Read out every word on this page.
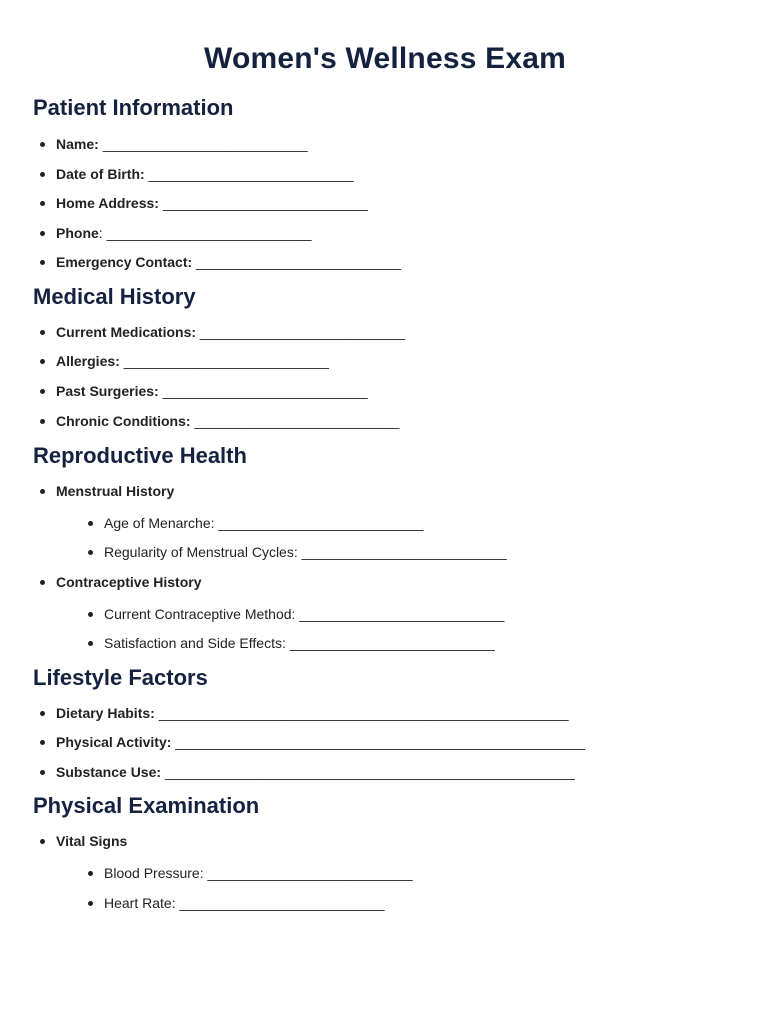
Women's Wellness Exam
Patient Information
Name: ___________________________
Date of Birth: ___________________________
Home Address: ___________________________
Phone: ___________________________
Emergency Contact: ___________________________
Medical History
Current Medications: ___________________________
Allergies: ___________________________
Past Surgeries: ___________________________
Chronic Conditions: ___________________________
Reproductive Health
Menstrual History
Age of Menarche: ___________________________
Regularity of Menstrual Cycles: ___________________________
Contraceptive History
Current Contraceptive Method: ___________________________
Satisfaction and Side Effects: ___________________________
Lifestyle Factors
Dietary Habits: ______________________________________________________
Physical Activity: ______________________________________________________
Substance Use: ______________________________________________________
Physical Examination
Vital Signs
Blood Pressure: ___________________________
Heart Rate: ___________________________
